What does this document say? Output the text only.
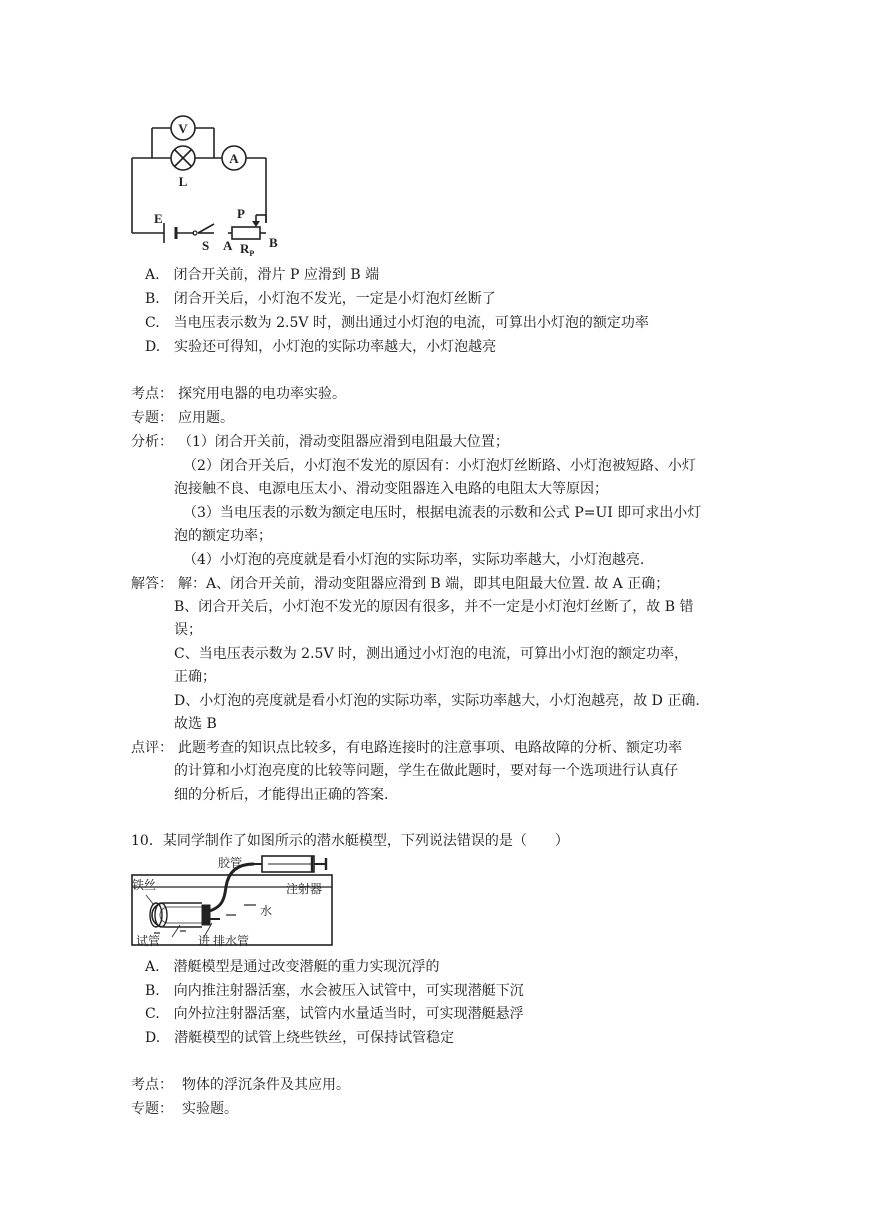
V
A
L
E
S
P
A $R_P$
B
A.　闭合开关前，滑片 P 应滑到 B 端
B.　闭合开关后，小灯泡不发光，一定是小灯泡灯丝断了
C.　当电压表示数为 2.5V 时，测出通过小灯泡的电流，可算出小灯泡的额定功率
D.　实验还可得知，小灯泡的实际功率越大，小灯泡越亮
考点： 探究用电器的电功率实验。
专题： 应用题。
分析： （1）闭合开关前，滑动变阻器应滑到电阻最大位置；
（2）闭合开关后，小灯泡不发光的原因有：小灯泡灯丝断路、小灯泡被短路、小灯
泡接触不良、电源电压太小、滑动变阻器连入电路的电阻太大等原因；
（3）当电压表的示数为额定电压时，根据电流表的示数和公式 P=UI 即可求出小灯
泡的额定功率；
（4）小灯泡的亮度就是看小灯泡的实际功率，实际功率越大，小灯泡越亮.
解答： 解：A、闭合开关前，滑动变阻器应滑到 B 端，即其电阻最大位置. 故 A 正确；
B、闭合开关后，小灯泡不发光的原因有很多，并不一定是小灯泡灯丝断了，故 B 错
误；
C、当电压表示数为 2.5V 时，测出通过小灯泡的电流，可算出小灯泡的额定功率，
正确；
D、小灯泡的亮度就是看小灯泡的实际功率，实际功率越大，小灯泡越亮，故 D 正确.
故选 B
点评： 此题考查的知识点比较多，有电路连接时的注意事项、电路故障的分析、额定功率
的计算和小灯泡亮度的比较等问题，学生在做此题时，要对每一个选项进行认真仔
细的分析后，才能得出正确的答案.
10．某同学制作了如图所示的潜水艇模型，下列说法错误的是（　　）
胶管
注射器
铁丝
水
试管	进 排水管
A.　潜艇模型是通过改变潜艇的重力实现沉浮的
B.　向内推注射器活塞，水会被压入试管中，可实现潜艇下沉
C.　向外拉注射器活塞，试管内水量适当时，可实现潜艇悬浮
D.　潜艇模型的试管上绕些铁丝，可保持试管稳定
考点： 物体的浮沉条件及其应用。
专题： 实验题。
